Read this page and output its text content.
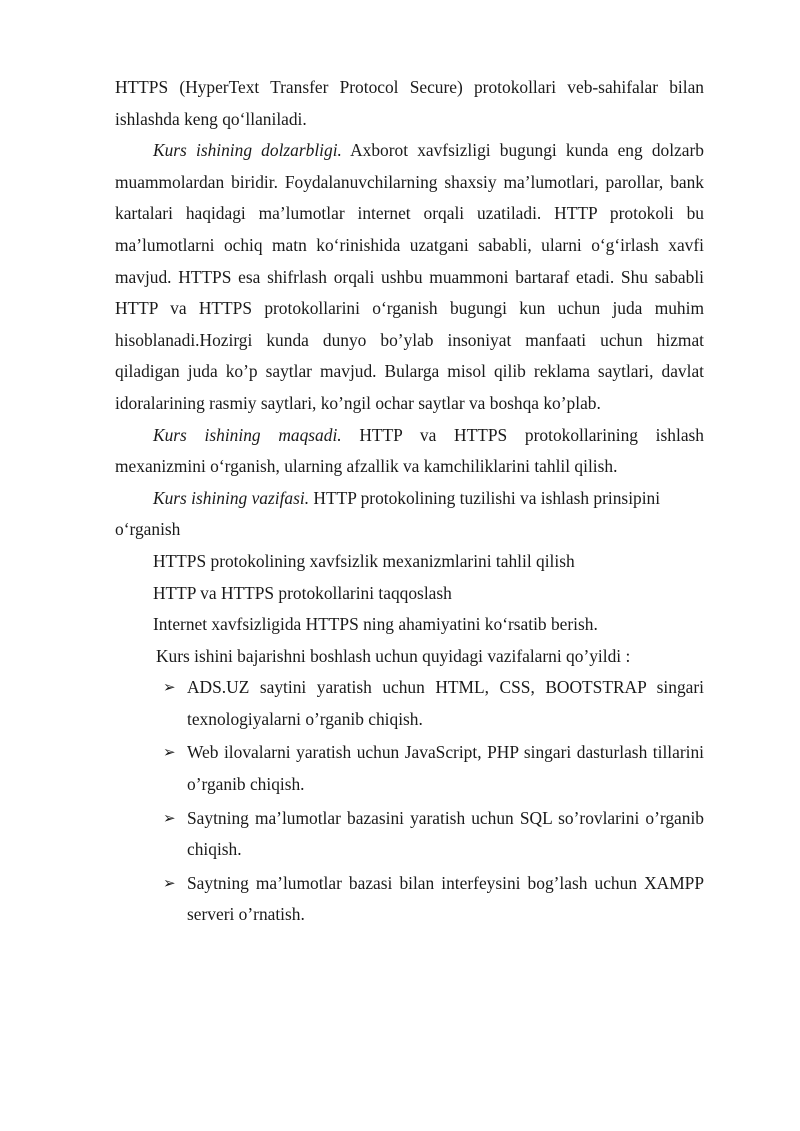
HTTPS (HyperText Transfer Protocol Secure) protokollari veb-sahifalar bilan ishlashda keng qo‘llaniladi.

Kurs ishining dolzarbligi. Axborot xavfsizligi bugungi kunda eng dolzarb muammolardan biridir. Foydalanuvchilarning shaxsiy ma’lumotlari, parollar, bank kartalari haqidagi ma’lumotlar internet orqali uzatiladi. HTTP protokoli bu ma’lumotlarni ochiq matn ko‘rinishida uzatgani sababli, ularni o‘g‘irlash xavfi mavjud. HTTPS esa shifrlash orqali ushbu muammoni bartaraf etadi. Shu sababli HTTP va HTTPS protokollarini o‘rganish bugungi kun uchun juda muhim hisoblanadi.Hozirgi kunda dunyo bo’ylab insoniyat manfaati uchun hizmat qiladigan juda ko’p saytlar mavjud. Bularga misol qilib reklama saytlari, davlat idoralarining rasmiy saytlari, ko’ngil ochar saytlar va boshqa ko’plab.

Kurs ishining maqsadi. HTTP va HTTPS protokollarining ishlash mexanizmini o‘rganish, ularning afzallik va kamchiliklarini tahlil qilish.

Kurs ishining vazifasi. HTTP protokolining tuzilishi va ishlash prinsipini o‘rganish

HTTPS protokolining xavfsizlik mexanizmlarini tahlil qilish

HTTP va HTTPS protokollarini taqqoslash

Internet xavfsizligida HTTPS ning ahamiyatini ko‘rsatib berish.

Kurs ishini bajarishni boshlash uchun quyidagi vazifalarni qo’yildi :

➢ ADS.UZ saytini yaratish uchun HTML, CSS, BOOTSTRAP singari texnologiyalarni o’rganib chiqish.
➢ Web ilovalarni yaratish uchun JavaScript, PHP singari dasturlash tillarini o’rganib chiqish.
➢ Saytning ma’lumotlar bazasini yaratish uchun SQL so’rovlarini o’rganib chiqish.
➢ Saytning ma’lumotlar bazasi bilan interfeysini bog’lash uchun XAMPP serveri o’rnatish.
